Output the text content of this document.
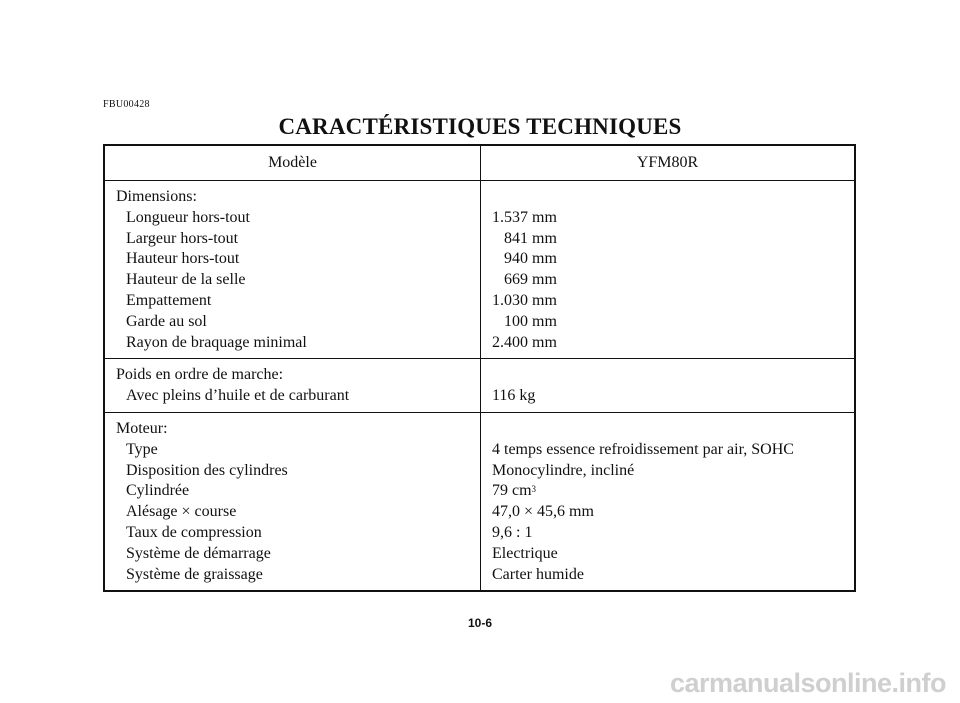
FBU00428
CARACTÉRISTIQUES TECHNIQUES
Modèle	YFM80R
Dimensions:
Longueur hors-tout
Largeur hors-tout
Hauteur hors-tout
Hauteur de la selle
Empattement
Garde au sol
Rayon de braquage minimal
1.537 mm
841 mm
940 mm
669 mm
1.030 mm
100 mm
2.400 mm
Poids en ordre de marche:
Avec pleins d’huile et de carburant	116 kg
Moteur:
Type
Disposition des cylindres
Cylindrée
Alésage × course
Taux de compression
Système de démarrage
Système de graissage
4 temps essence refroidissement par air, SOHC
Monocylindre, incliné
79 $cm^3$
47,0 × 45,6 mm
9,6 : 1
Electrique
Carter humide
10-6
carmanualsonline.info
